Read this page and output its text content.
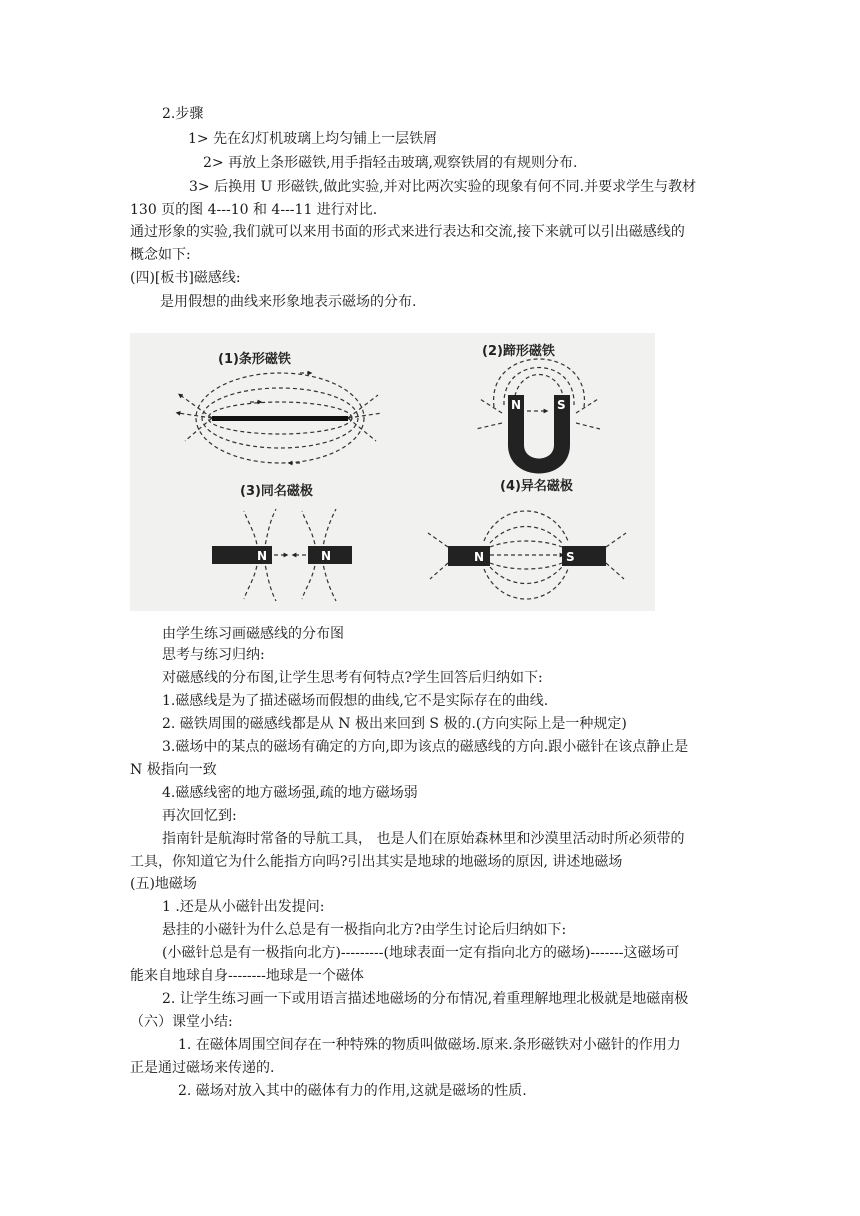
2.步骤
1> 先在幻灯机玻璃上均匀铺上一层铁屑
2> 再放上条形磁铁,用手指轻击玻璃,观察铁屑的有规则分布.
3> 后换用 U 形磁铁,做此实验,并对比两次实验的现象有何不同.并要求学生与教材
130 页的图 4---10 和 4---11 进行对比.
通过形象的实验,我们就可以来用书面的形式来进行表达和交流,接下来就可以引出磁感线的
概念如下:
(四)[板书]磁感线:
是用假想的曲线来形象地表示磁场的分布.
(1)条形磁铁
(2)蹄形磁铁
N	S
(3)同名磁极
N	N
(4)异名磁极
N	S
由学生练习画磁感线的分布图
思考与练习归纳:
对磁感线的分布图,让学生思考有何特点?学生回答后归纳如下:
1.磁感线是为了描述磁场而假想的曲线,它不是实际存在的曲线.
2. 磁铁周围的磁感线都是从 N 极出来回到 S 极的.(方向实际上是一种规定)
3.磁场中的某点的磁场有确定的方向,即为该点的磁感线的方向.跟小磁针在该点静止是
N 极指向一致
4.磁感线密的地方磁场强,疏的地方磁场弱
再次回忆到:
指南针是航海时常备的导航工具， 也是人们在原始森林里和沙漠里活动时所必须带的
工具，你知道它为什么能指方向吗?引出其实是地球的地磁场的原因, 讲述地磁场
(五)地磁场
1 .还是从小磁针出发提问:
悬挂的小磁针为什么总是有一极指向北方?由学生讨论后归纳如下:
(小磁针总是有一极指向北方)---------(地球表面一定有指向北方的磁场)-------这磁场可
能来自地球自身--------地球是一个磁体
2. 让学生练习画一下或用语言描述地磁场的分布情况,着重理解地理北极就是地磁南极
（六）课堂小结:
1. 在磁体周围空间存在一种特殊的物质叫做磁场.原来.条形磁铁对小磁针的作用力
正是通过磁场来传递的.
2. 磁场对放入其中的磁体有力的作用,这就是磁场的性质.
